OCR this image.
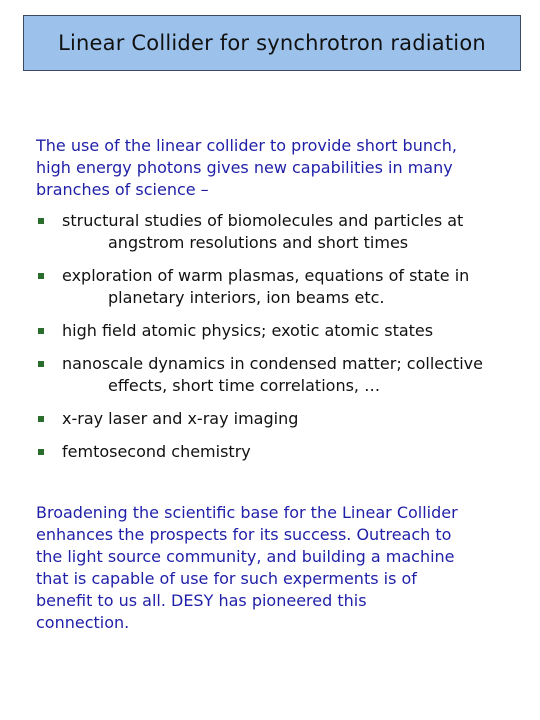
Linear Collider for synchrotron radiation
The use of the linear collider to provide short bunch,
high energy photons gives new capabilities in many
branches of science –
structural studies of biomolecules and particles at
angstrom resolutions and short times
exploration of warm plasmas, equations of state in
planetary interiors, ion beams etc.
high field atomic physics; exotic atomic states
nanoscale dynamics in condensed matter; collective
effects, short time correlations, …
x-ray laser and x-ray imaging
femtosecond chemistry
Broadening the scientific base for the Linear Collider
enhances the prospects for its success. Outreach to
the light source community, and building a machine
that is capable of use for such experments is of
benefit to us all. DESY has pioneered this
connection.
